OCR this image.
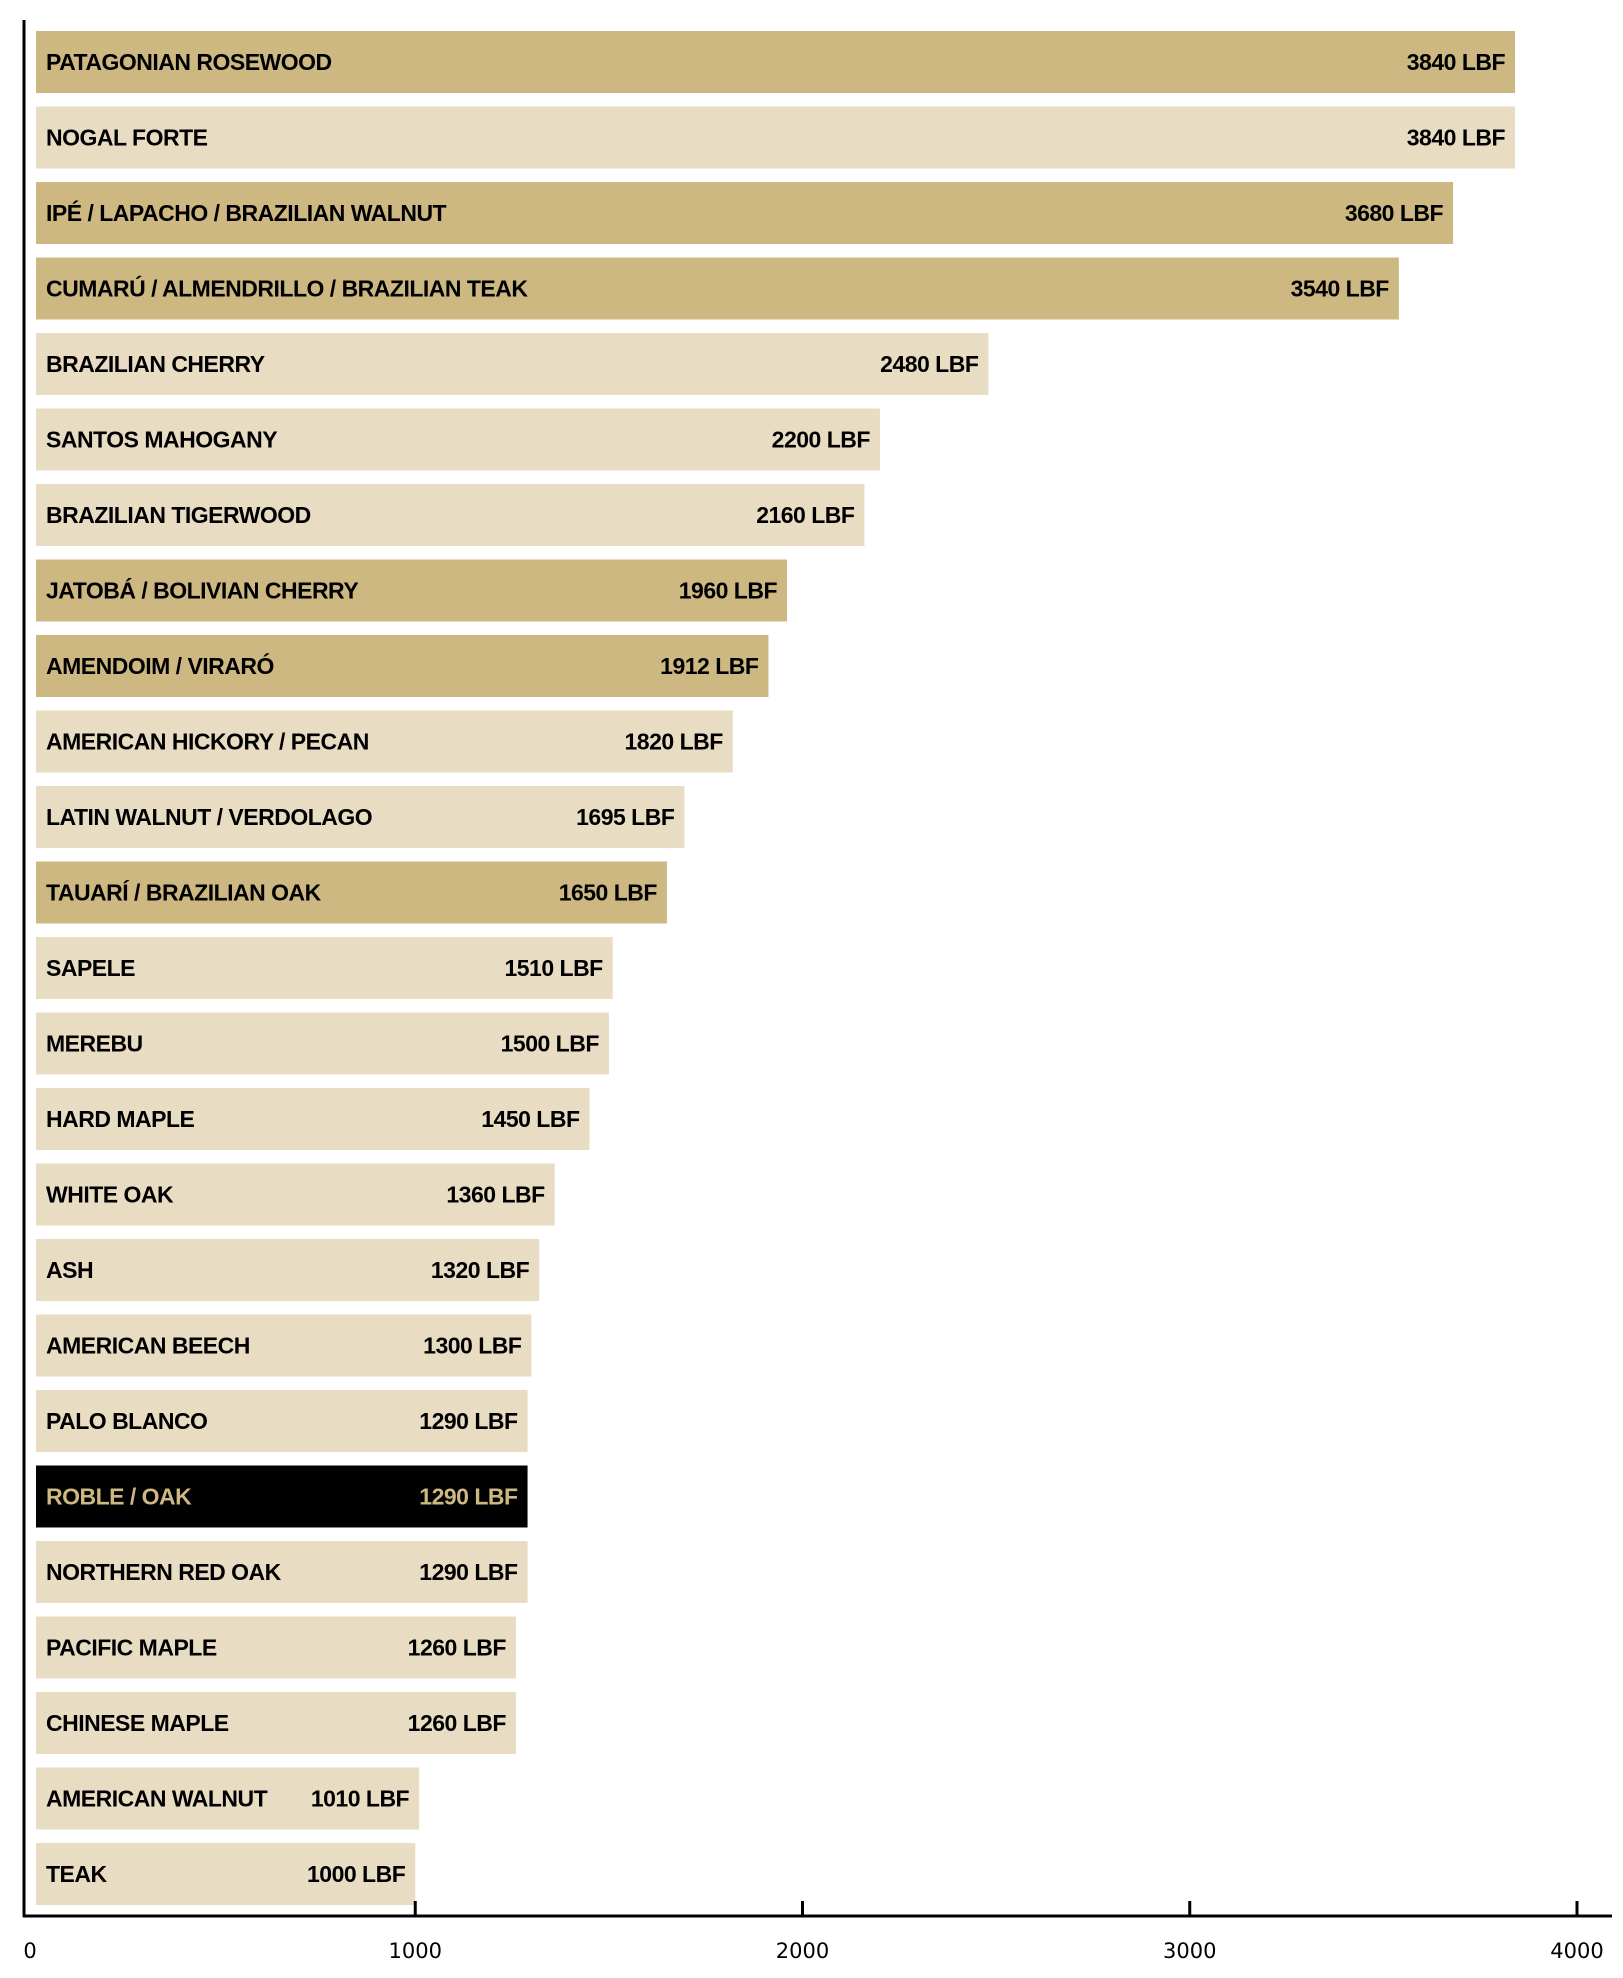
PATAGONIAN ROSEWOOD	3840 LBF
NOGAL FORTE	3840 LBF
IPÉ / LAPACHO / BRAZILIAN WALNUT	3680 LBF
CUMARÚ / ALMENDRILLO / BRAZILIAN TEAK	3540 LBF
BRAZILIAN CHERRY	2480 LBF
SANTOS MAHOGANY	2200 LBF
BRAZILIAN TIGERWOOD	2160 LBF
JATOBÁ / BOLIVIAN CHERRY	1960 LBF
AMENDOIM / VIRARÓ	1912 LBF
AMERICAN HICKORY / PECAN	1820 LBF
LATIN WALNUT / VERDOLAGO	1695 LBF
TAUARÍ / BRAZILIAN OAK	1650 LBF
SAPELE	1510 LBF
MEREBU	1500 LBF
HARD MAPLE	1450 LBF
WHITE OAK	1360 LBF
ASH	1320 LBF
AMERICAN BEECH	1300 LBF
PALO BLANCO	1290 LBF
ROBLE / OAK	1290 LBF
NORTHERN RED OAK	1290 LBF
PACIFIC MAPLE	1260 LBF
CHINESE MAPLE	1260 LBF
AMERICAN WALNUT 1010 LBF
TEAK	1000 LBF
0	1000	2000	3000	4000
